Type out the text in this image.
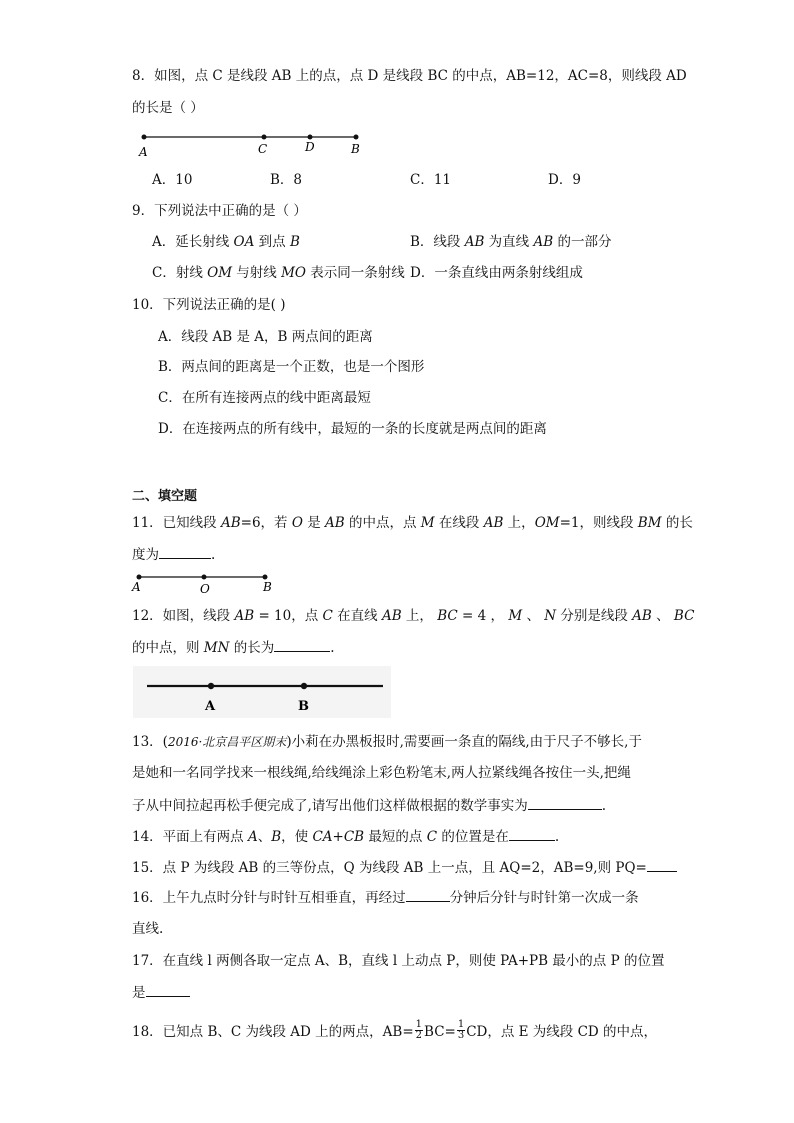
8．如图，点 C 是线段 AB 上的点，点 D 是线段 BC 的中点，AB=12，AC=8，则线段 AD
的长是（ ）
A	C	D	B
A．10	B．8	C．11	D．9
9．下列说法中正确的是（ ）
A．延长射线 OA 到点 B	B．线段 AB 为直线 AB 的一部分
C．射线 OM 与射线 MO 表示同一条射线 D．一条直线由两条射线组成
10．下列说法正确的是( )
A．线段 AB 是 A，B 两点间的距离
B．两点间的距离是一个正数，也是一个图形
C．在所有连接两点的线中距离最短
D．在连接两点的所有线中，最短的一条的长度就是两点间的距离
二、填空题
11．已知线段 AB=6，若 O 是 AB 的中点，点 M 在线段 AB 上，OM=1，则线段 BM 的长
度为	.
A	O	B
12．如图，线段 AB = 10，点 C 在直线 AB 上， BC = 4 ， M 、 N 分别是线段 AB 、 BC
的中点，则 MN 的长为	.
A	B
13．(2016·北京昌平区期末)小莉在办黑板报时,需要画一条直的隔线,由于尺子不够长,于
是她和一名同学找来一根线绳,给线绳涂上彩色粉笔末,两人拉紧线绳各按住一头,把绳
子从中间拉起再松手便完成了,请写出他们这样做根据的数学事实为	.
14．平面上有两点 A、B，使 CA+CB 最短的点 C 的位置是在	.
15．点 P 为线段 AB 的三等份点，Q 为线段 AB 上一点，且 AQ=2，AB=9,则 PQ=
16．上午九点时分针与时针互相垂直，再经过	分钟后分针与时针第一次成一条
直线.
17．在直线 l 两侧各取一定点 A、B，直线 l 上动点 P，则使 PA+PB 最小的点 P 的位置
是
18．已知点 B、C 为线段 AD 上的两点，$AB= \frac{1}{2} BC= \frac{1}{3}$ CD，点 E 为线段 CD 的中点，
